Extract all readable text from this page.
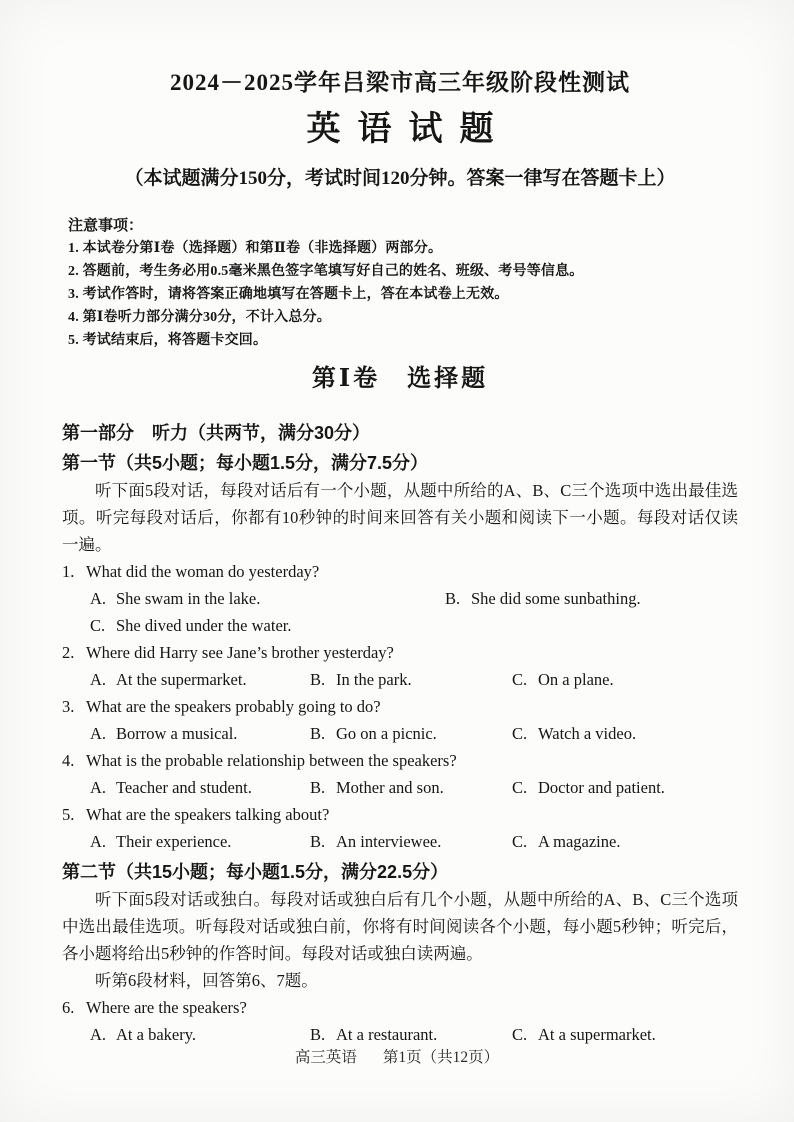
2024－2025学年吕梁市高三年级阶段性测试
英语试题
（本试题满分150分，考试时间120分钟。答案一律写在答题卡上）
注意事项：
1. 本试卷分第Ⅰ卷（选择题）和第Ⅱ卷（非选择题）两部分。
2. 答题前，考生务必用0.5毫米黑色签字笔填写好自己的姓名、班级、考号等信息。
3. 考试作答时，请将答案正确地填写在答题卡上，答在本试卷上无效。
4. 第Ⅰ卷听力部分满分30分，不计入总分。
5. 考试结束后，将答题卡交回。
第Ⅰ卷　选择题
第一部分　听力（共两节，满分30分）
第一节（共5小题；每小题1.5分，满分7.5分）

听下面5段对话，每段对话后有一个小题，从题中所给的A、B、C三个选项中选出最佳选项。听完每段对话后，你都有10秒钟的时间来回答有关小题和阅读下一小题。每段对话仅读一遍。

1. What did the woman do yesterday?
A. She swam in the lake.	B. She did some sunbathing.
C. She dived under the water.
2. Where did Harry see Jane’s brother yesterday?
A. At the supermarket.	B. In the park.	C. On a plane.
3. What are the speakers probably going to do?
A. Borrow a musical.	B. Go on a picnic.	C. Watch a video.
4. What is the probable relationship between the speakers?
A. Teacher and student.	B. Mother and son.	C. Doctor and patient.
5. What are the speakers talking about?
A. Their experience.	B. An interviewee.	C. A magazine.
第二节（共15小题；每小题1.5分，满分22.5分）

听下面5段对话或独白。每段对话或独白后有几个小题，从题中所给的A、B、C三个选项中选出最佳选项。听每段对话或独白前，你将有时间阅读各个小题，每小题5秒钟；听完后，各小题将给出5秒钟的作答时间。每段对话或独白读两遍。

听第6段材料，回答第6、7题。

6. Where are the speakers?
A. At a bakery.	B. At a restaurant.	C. At a supermarket.
高三英语 第1页（共12页）
